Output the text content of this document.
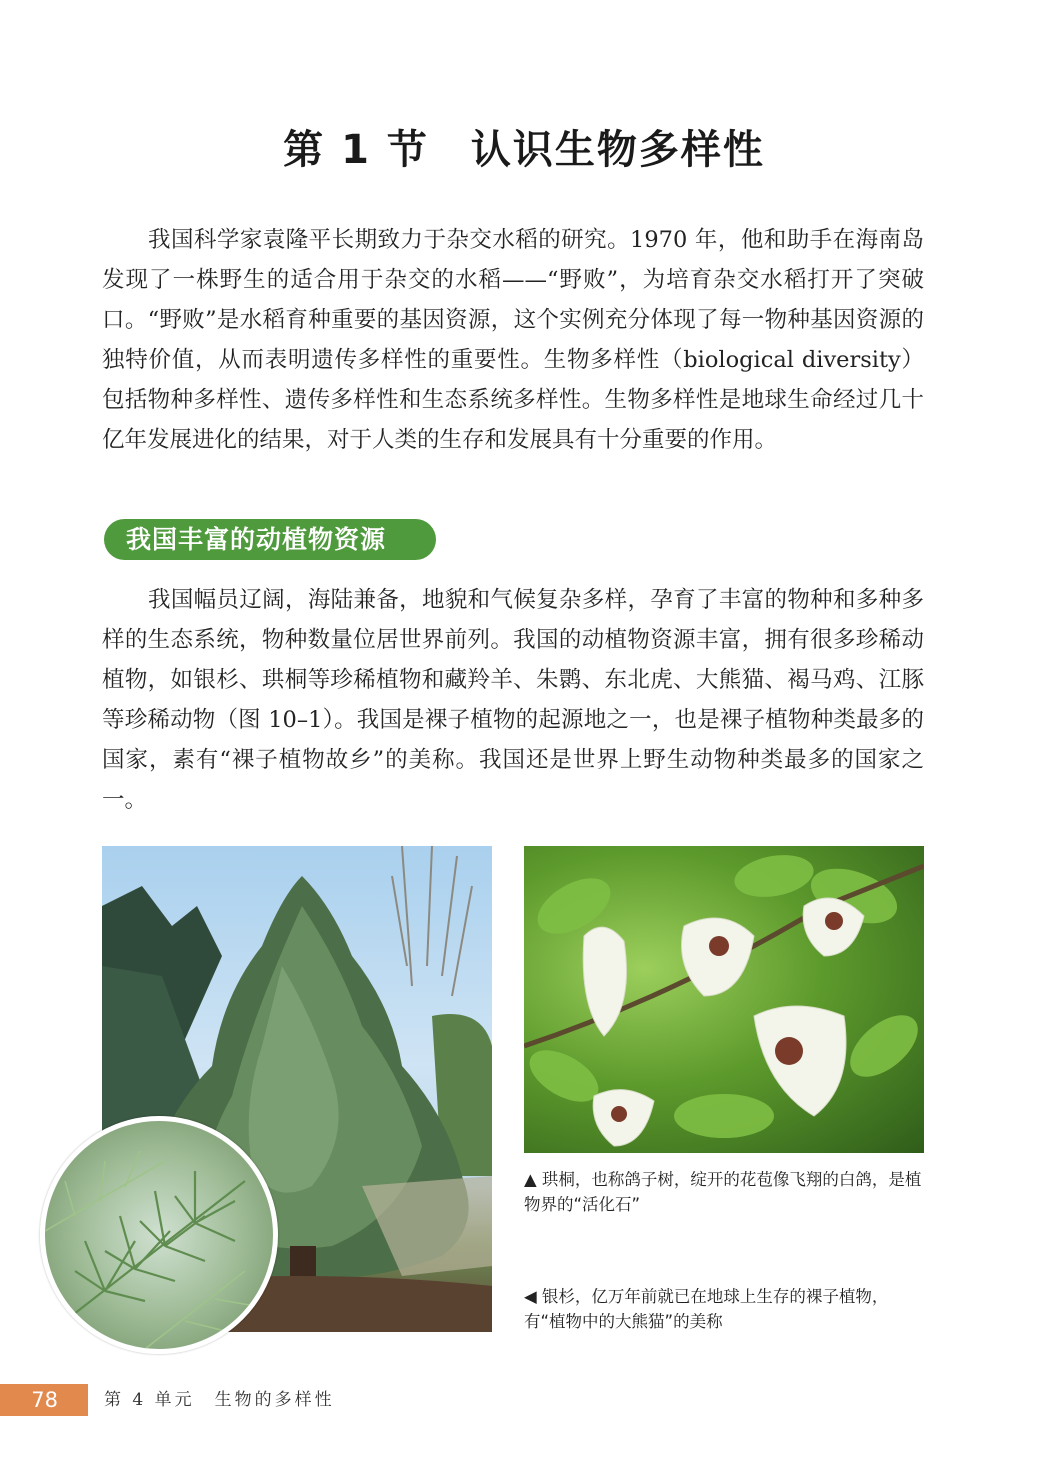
第 1 节　认识生物多样性

我国科学家袁隆平长期致力于杂交水稻的研究。1970 年，他和助手在海南岛发现了一株野生的适合用于杂交的水稻——“野败”，为培育杂交水稻打开了突破口。“野败”是水稻育种重要的基因资源，这个实例充分体现了每一物种基因资源的独特价值，从而表明遗传多样性的重要性。生物多样性（biological diversity）包括物种多样性、遗传多样性和生态系统多样性。生物多样性是地球生命经过几十亿年发展进化的结果，对于人类的生存和发展具有十分重要的作用。

我国丰富的动植物资源

我国幅员辽阔，海陆兼备，地貌和气候复杂多样，孕育了丰富的物种和多种多样的生态系统，物种数量位居世界前列。我国的动植物资源丰富，拥有很多珍稀动植物，如银杉、珙桐等珍稀植物和藏羚羊、朱鹮、东北虎、大熊猫、褐马鸡、江豚等珍稀动物（图 10–1）。我国是裸子植物的起源地之一，也是裸子植物种类最多的国家，素有“裸子植物故乡”的美称。我国还是世界上野生动物种类最多的国家之一。

▲ 珙桐，也称鸽子树，绽开的花苞像飞翔的白鸽，是植物界的“活化石”

◀ 银杉，亿万年前就已在地球上生存的裸子植物，有“植物中的大熊猫”的美称

78	第 4 单元　生物的多样性
